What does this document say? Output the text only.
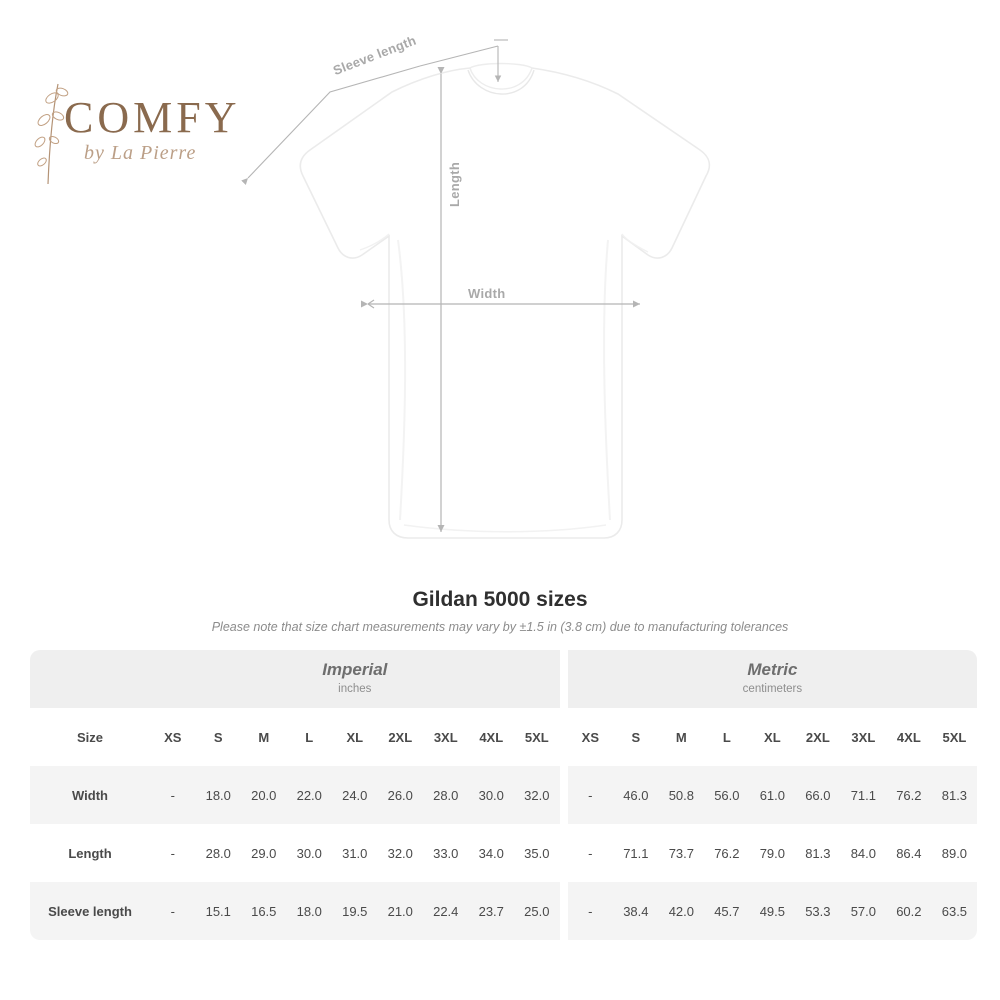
COMFY
by La Pierre
Width
Length
Sleeve length
Gildan 5000 sizes
Please note that size chart measurements may vary by ±1.5 in (3.8 cm) due to manufacturing tolerances

	Imperial
inches										Metric
centimeters								

Size	XS	S	M	L	XL	2XL	3XL	4XL	5XL		XS	S	M	L	XL	2XL	3XL	4XL	5XL
Width	-	18.0	20.0	22.0	24.0	26.0	28.0	30.0	32.0		-	46.0	50.8	56.0	61.0	66.0	71.1	76.2	81.3
Length	-	28.0	29.0	30.0	31.0	32.0	33.0	34.0	35.0		-	71.1	73.7	76.2	79.0	81.3	84.0	86.4	89.0
Sleeve length	-	15.1	16.5	18.0	19.5	21.0	22.4	23.7	25.0		-	38.4	42.0	45.7	49.5	53.3	57.0	60.2	63.5
